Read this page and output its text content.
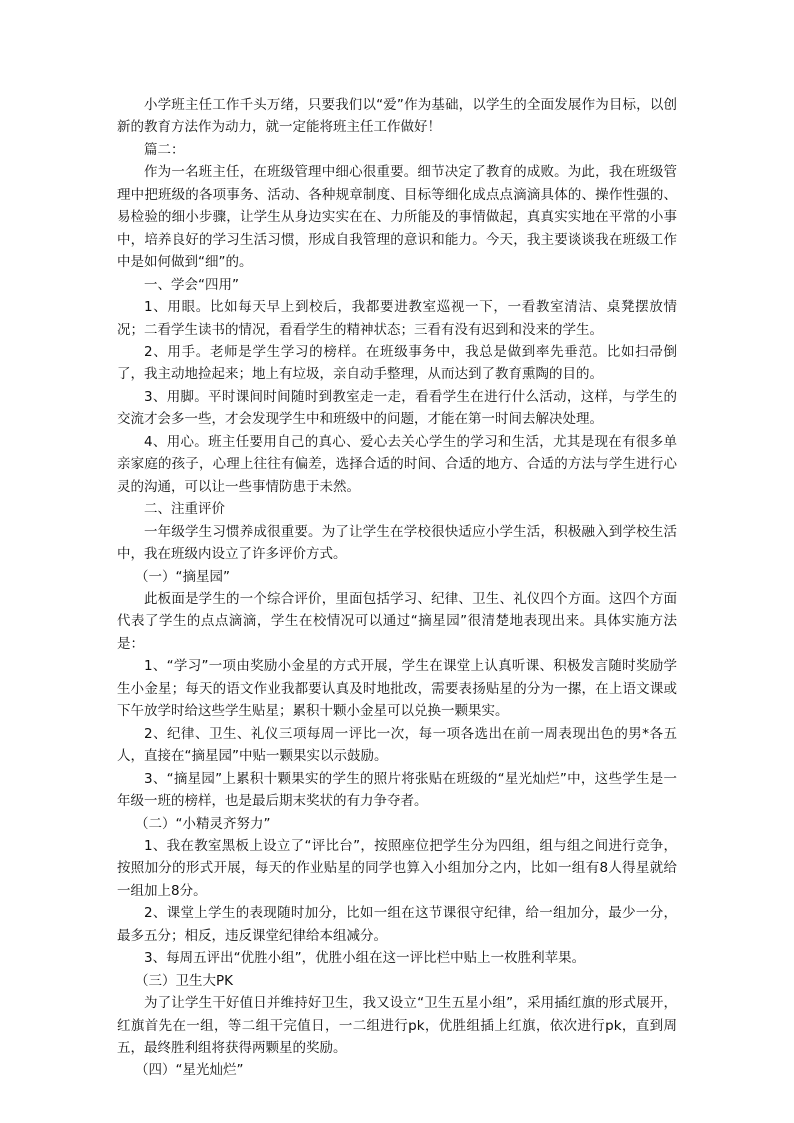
小学班主任工作千头万绪，只要我们以“爱”作为基础，以学生的全面发展作为目标，以创新的教育方法作为动力，就一定能将班主任工作做好！

篇二：

作为一名班主任，在班级管理中细心很重要。细节决定了教育的成败。为此，我在班级管理中把班级的各项事务、活动、各种规章制度、目标等细化成点点滴滴具体的、操作性强的、易检验的细小步骤，让学生从身边实实在在、力所能及的事情做起，真真实实地在平常的小事中，培养良好的学习生活习惯，形成自我管理的意识和能力。今天，我主要谈谈我在班级工作中是如何做到“细”的。

一、学会“四用”

1、用眼。比如每天早上到校后，我都要进教室巡视一下，一看教室清洁、桌凳摆放情况；二看学生读书的情况，看看学生的精神状态；三看有没有迟到和没来的学生。

2、用手。老师是学生学习的榜样。在班级事务中，我总是做到率先垂范。比如扫帚倒了，我主动地捡起来；地上有垃圾，亲自动手整理，从而达到了教育熏陶的目的。

3、用脚。平时课间时间随时到教室走一走，看看学生在进行什么活动，这样，与学生的交流才会多一些，才会发现学生中和班级中的问题，才能在第一时间去解决处理。

4、用心。班主任要用自己的真心、爱心去关心学生的学习和生活，尤其是现在有很多单亲家庭的孩子，心理上往往有偏差，选择合适的时间、合适的地方、合适的方法与学生进行心灵的沟通，可以让一些事情防患于未然。

二、注重评价

一年级学生习惯养成很重要。为了让学生在学校很快适应小学生活，积极融入到学校生活中，我在班级内设立了许多评价方式。

（一）“摘星园”

此板面是学生的一个综合评价，里面包括学习、纪律、卫生、礼仪四个方面。这四个方面代表了学生的点点滴滴，学生在校情况可以通过“摘星园”很清楚地表现出来。具体实施方法是：

1、“学习”一项由奖励小金星的方式开展，学生在课堂上认真听课、积极发言随时奖励学生小金星；每天的语文作业我都要认真及时地批改，需要表扬贴星的分为一摞，在上语文课或下午放学时给这些学生贴星；累积十颗小金星可以兑换一颗果实。

2、纪律、卫生、礼仪三项每周一评比一次，每一项各选出在前一周表现出色的男*各五人，直接在“摘星园”中贴一颗果实以示鼓励。

3、“摘星园”上累积十颗果实的学生的照片将张贴在班级的“星光灿烂”中，这些学生是一年级一班的榜样，也是最后期末奖状的有力争夺者。

（二）“小精灵齐努力”

1、我在教室黑板上设立了“评比台”，按照座位把学生分为四组，组与组之间进行竞争，按照加分的形式开展，每天的作业贴星的同学也算入小组加分之内，比如一组有8人得星就给一组加上8分。

2、课堂上学生的表现随时加分，比如一组在这节课很守纪律，给一组加分，最少一分，最多五分；相反，违反课堂纪律给本组减分。

3、每周五评出“优胜小组”，优胜小组在这一评比栏中贴上一枚胜利苹果。

（三）卫生大PK

为了让学生干好值日并维持好卫生，我又设立“卫生五星小组”，采用插红旗的形式展开，红旗首先在一组，等二组干完值日，一二组进行pk，优胜组插上红旗，依次进行pk，直到周五，最终胜利组将获得两颗星的奖励。

（四）“星光灿烂”
